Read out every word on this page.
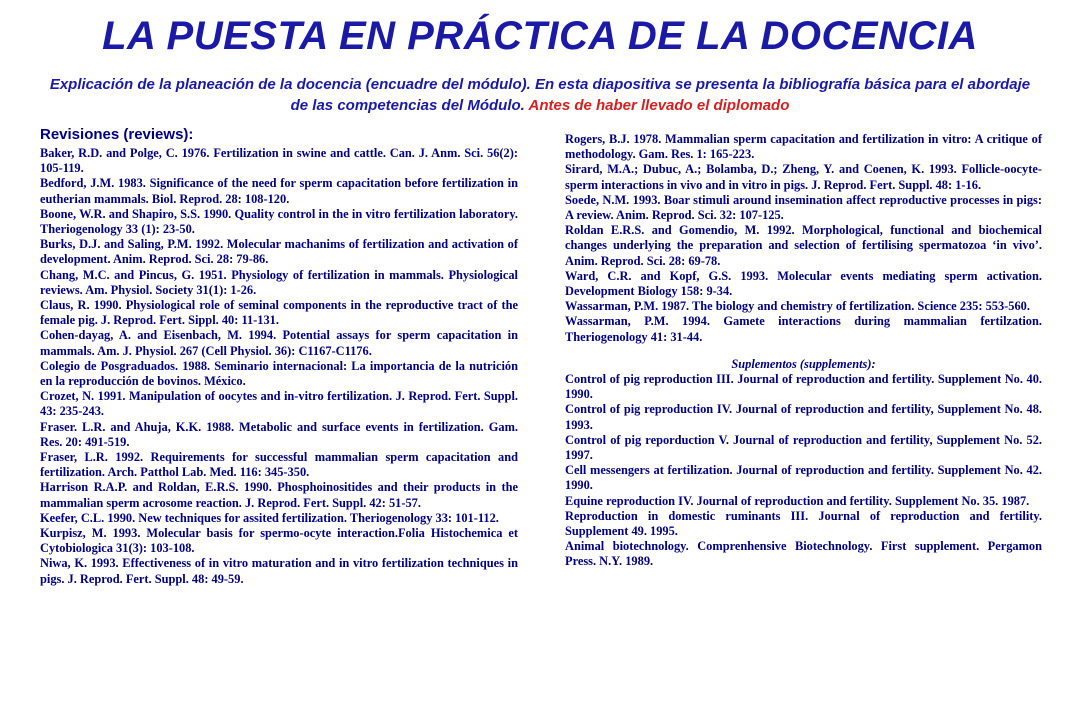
LA PUESTA EN PRÁCTICA DE LA DOCENCIA

Explicación de la planeación de la docencia (encuadre del módulo). En esta diapositiva se presenta la bibliografía básica para el abordaje de las competencias del Módulo. Antes de haber llevado el diplomado

Revisiones (reviews):

Baker, R.D. and Polge, C. 1976. Fertilization in swine and cattle. Can. J. Anm. Sci. 56(2): 105-119.

Bedford, J.M. 1983. Significance of the need for sperm capacitation before fertilization in eutherian mammals. Biol. Reprod. 28: 108-120.

Boone, W.R. and Shapiro, S.S. 1990. Quality control in the in vitro fertilization laboratory. Theriogenology 33 (1): 23-50.

Burks, D.J. and Saling, P.M. 1992. Molecular machanims of fertilization and activation of development. Anim. Reprod. Sci. 28: 79-86.

Chang, M.C. and Pincus, G. 1951. Physiology of fertilization in mammals. Physiological reviews. Am. Physiol. Society 31(1): 1-26.

Claus, R. 1990. Physiological role of seminal components in the reproductive tract of the female pig. J. Reprod. Fert. Sippl. 40: 11-131.

Cohen-dayag, A. and Eisenbach, M. 1994. Potential assays for sperm capacitation in mammals. Am. J. Physiol. 267 (Cell Physiol. 36): C1167-C1176.

Colegio de Posgraduados. 1988. Seminario internacional: La importancia de la nutrición en la reproducción de bovinos. México.

Crozet, N. 1991. Manipulation of oocytes and in-vitro fertilization. J. Reprod. Fert. Suppl. 43: 235-243.

Fraser. L.R. and Ahuja, K.K. 1988. Metabolic and surface events in fertilization. Gam. Res. 20: 491-519.

Fraser, L.R. 1992. Requirements for successful mammalian sperm capacitation and fertilization. Arch. Patthol Lab. Med. 116: 345-350.

Harrison R.A.P. and Roldan, E.R.S. 1990. Phosphoinositides and their products in the mammalian sperm acrosome reaction. J. Reprod. Fert. Suppl. 42: 51-57.

Keefer, C.L. 1990. New techniques for assited fertilization. Theriogenology 33: 101-112.

Kurpisz, M. 1993. Molecular basis for spermo-ocyte interaction.Folia Histochemica et Cytobiologica 31(3): 103-108.

Niwa, K. 1993. Effectiveness of in vitro maturation and in vitro fertilization techniques in pigs. J. Reprod. Fert. Suppl. 48: 49-59.

Rogers, B.J. 1978. Mammalian sperm capacitation and fertilization in vitro: A critique of methodology. Gam. Res. 1: 165-223.

Sirard, M.A.; Dubuc, A.; Bolamba, D.; Zheng, Y. and Coenen, K. 1993. Follicle-oocyte-sperm interactions in vivo and in vitro in pigs. J. Reprod. Fert. Suppl. 48: 1-16.

Soede, N.M. 1993. Boar stimuli around insemination affect reproductive processes in pigs: A review. Anim. Reprod. Sci. 32: 107-125.

Roldan E.R.S. and Gomendio, M. 1992. Morphological, functional and biochemical changes underlying the preparation and selection of fertilising spermatozoa ‘in vivo’. Anim. Reprod. Sci. 28: 69-78.

Ward, C.R. and Kopf, G.S. 1993. Molecular events mediating sperm activation. Development Biology 158: 9-34.

Wassarman, P.M. 1987. The biology and chemistry of fertilization. Science 235: 553-560.

Wassarman, P.M. 1994. Gamete interactions during mammalian fertilzation. Theriogenology 41: 31-44.

Suplementos (supplements):

Control of pig reproduction III. Journal of reproduction and fertility. Supplement No. 40. 1990.

Control of pig reproduction IV. Journal of reproduction and fertility, Supplement No. 48. 1993.

Control of pig reporduction V. Journal of reproduction and fertility, Supplement No. 52. 1997.

Cell messengers at fertilization. Journal of reproduction and fertility. Supplement No. 42. 1990.

Equine reproduction IV. Journal of reproduction and fertility. Supplement No. 35. 1987.

Reproduction in domestic ruminants III. Journal of reproduction and fertility. Supplement 49. 1995.

Animal biotechnology. Comprenhensive Biotechnology. First supplement. Pergamon Press. N.Y. 1989.
